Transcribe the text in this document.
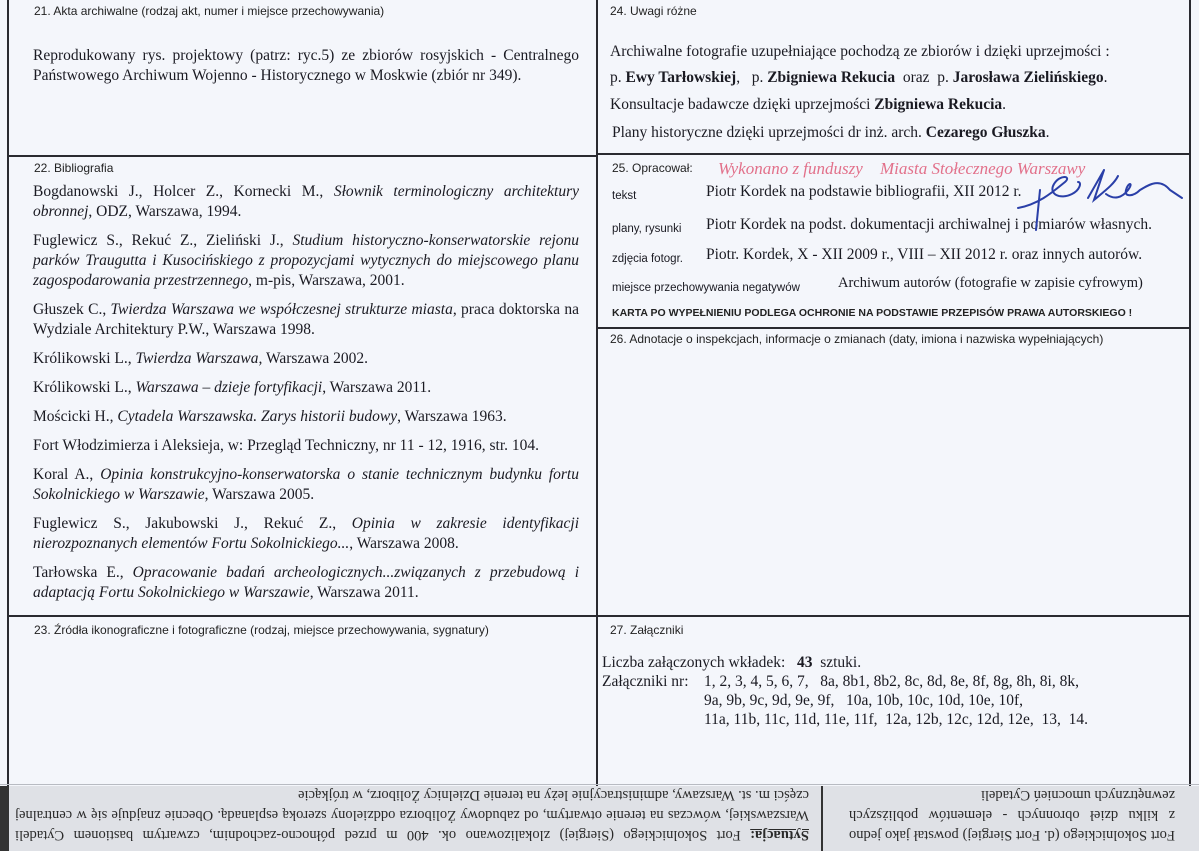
21. Akta archiwalne (rodzaj akt, numer i miejsce przechowywania)
Reprodukowany rys. projektowy (patrz: ryc.5) ze zbiorów rosyjskich - Centralnego Państwowego Archiwum Wojenno - Historycznego w Moskwie (zbiór nr 349).
22. Bibliografia

Bogdanowski J., Holcer Z., Kornecki M., Słownik terminologiczny architektury obronnej, ODZ, Warszawa, 1994.

Fuglewicz S., Rekuć Z., Zieliński J., Studium historyczno-konserwatorskie rejonu parków Traugutta i Kusocińskiego z propozycjami wytycznych do miejscowego planu zagospodarowania przestrzennego, m-pis, Warszawa, 2001.

Głuszek C., Twierdza Warszawa we współczesnej strukturze miasta, praca doktorska na Wydziale Architektury P.W., Warszawa 1998.

Królikowski L., Twierdza Warszawa, Warszawa 2002.

Królikowski L., Warszawa – dzieje fortyfikacji, Warszawa 2011.

Mościcki H., Cytadela Warszawska. Zarys historii budowy, Warszawa 1963.

Fort Włodzimierza i Aleksieja, w: Przegląd Techniczny, nr 11 - 12, 1916, str. 104.

Koral A., Opinia konstrukcyjno-konserwatorska o stanie technicznym budynku fortu Sokolnickiego w Warszawie, Warszawa 2005.

Fuglewicz S., Jakubowski J., Rekuć Z., Opinia w zakresie identyfikacji nierozpoznanych elementów Fortu Sokolnickiego..., Warszawa 2008.

Tarłowska E., Opracowanie badań archeologicznych...związanych z przebudową i adaptacją Fortu Sokolnickiego w Warszawie, Warszawa 2011.

23. Źródła ikonograficzne i fotograficzne (rodzaj, miejsce przechowywania, sygnatury)
24. Uwagi różne
Archiwalne fotografie uzupełniające pochodzą ze zbiorów i dzięki uprzejmości :
p. Ewy Tarłowskiej,   p. Zbigniewa Rekucia  oraz  p. Jarosława Zielińskiego.
Konsultacje badawcze dzięki uprzejmości Zbigniewa Rekucia.
Plany historyczne dzięki uprzejmości dr inż. arch. Cezarego Głuszka.
Wykonano z funduszy Miasta Stołecznego Warszawy
25. Opracował:
tekst	Piotr Kordek na podstawie bibliografii, XII 2012 r.
plany, rysunki Piotr Kordek na podst. dokumentacji archiwalnej i pomiarów własnych.
zdjęcia fotogr. Piotr. Kordek, X - XII 2009 r., VIII – XII 2012 r. oraz innych autorów.
miejsce przechowywania negatywów	Archiwum autorów (fotografie w zapisie cyfrowym)
KARTA PO WYPEŁNIENIU PODLEGA OCHRONIE NA PODSTAWIE PRZEPISÓW PRAWA AUTORSKIEGO !
26. Adnotacje o inspekcjach, informacje o zmianach (daty, imiona i nazwiska wypełniających)
27. Załączniki
Liczba załączonych wkładek:   43  sztuki.
Załączniki nr: 1, 2, 3, 4, 5, 6, 7,   8a, 8b1, 8b2, 8c, 8d, 8e, 8f, 8g, 8h, 8i, 8k,
9a, 9b, 9c, 9d, 9e, 9f,   10a, 10b, 10c, 10d, 10e, 10f,
11a, 11b, 11c, 11d, 11e, 11f,  12a, 12b, 12c, 12d, 12e,  13,  14.
Fort Sokolnickiego (d. Fort Siergiej) powstał jako jedno z kilku dzieł obronnych - elementów pobliższych zewnętrznych umocnień Cytadeli
Sytuacja: Fort Sokolnickiego (Siergiej) zlokalizowano ok. 400 m przed północno-zachodnim, czwartym bastionem Cytadeli Warszawskiej, wówczas na terenie otwartym, od zabudowy Żoliborza oddzielony szeroką esplanadą. Obecnie znajduje się w centralnej części m. st. Warszawy, administracyjnie leży na terenie Dzielnicy Żoliborz, w trójkącie
